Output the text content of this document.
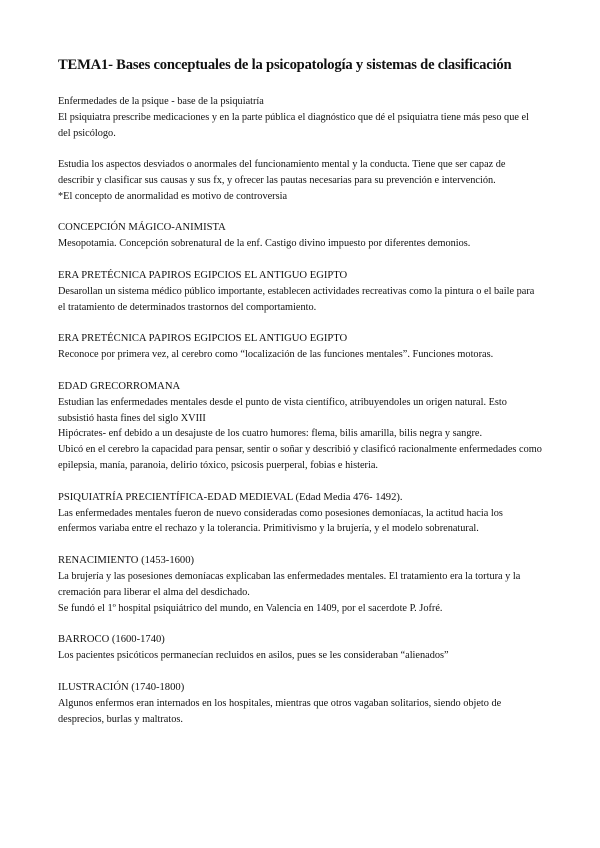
TEMA1- Bases conceptuales de la psicopatología y sistemas de clasificación

Enfermedades de la psique - base de la psiquiatría

El psiquiatra prescribe medicaciones y en la parte pública el diagnóstico que dé el psiquiatra tiene más peso que el del psicólogo.

Estudia los aspectos desviados o anormales del funcionamiento mental y la conducta. Tiene que ser capaz de describir y clasificar sus causas y sus fx, y ofrecer las pautas necesarias para su prevención e intervención.

*El concepto de anormalidad es motivo de controversia

CONCEPCIÓN MÁGICO-ANIMISTA

Mesopotamia. Concepción sobrenatural de la enf. Castigo divino impuesto por diferentes demonios.

ERA PRETÉCNICA PAPIROS EGIPCIOS EL ANTIGUO EGIPTO

Desarollan un sistema médico público importante, establecen actividades recreativas como la pintura o el baile para el tratamiento de determinados trastornos del comportamiento.

ERA PRETÉCNICA PAPIROS EGIPCIOS EL ANTIGUO EGIPTO

Reconoce por primera vez, al cerebro como “localización de las funciones mentales”. Funciones motoras.

EDAD GRECORROMANA

Estudian las enfermedades mentales desde el punto de vista científico, atribuyendoles un origen natural. Esto subsistió hasta fines del siglo XVIII

Hipócrates- enf debido a un desajuste de los cuatro humores: flema, bilis amarilla, bilis negra y sangre.

Ubicó en el cerebro la capacidad para pensar, sentir o soñar y describió y clasificó racionalmente enfermedades como epilepsia, manía, paranoia, delirio tóxico, psicosis puerperal, fobias e histeria.

PSIQUIATRÍA PRECIENTÍFICA-EDAD MEDIEVAL (Edad Media 476- 1492).

Las enfermedades mentales fueron de nuevo consideradas como posesiones demoníacas, la actitud hacia los enfermos variaba entre el rechazo y la tolerancia. Primitivismo y la brujería, y el modelo sobrenatural.

RENACIMIENTO (1453-1600)

La brujería y las posesiones demoníacas explicaban las enfermedades mentales. El tratamiento era la tortura y la cremación para liberar el alma del desdichado.

Se fundó el 1º hospital psiquiátrico del mundo, en Valencia en 1409, por el sacerdote P. Jofré.

BARROCO (1600-1740)

Los pacientes psicóticos permanecían recluidos en asilos, pues se les consideraban “alienados”

ILUSTRACIÓN (1740-1800)

Algunos enfermos eran internados en los hospitales, mientras que otros vagaban solitarios, siendo objeto de desprecios, burlas y maltratos.
